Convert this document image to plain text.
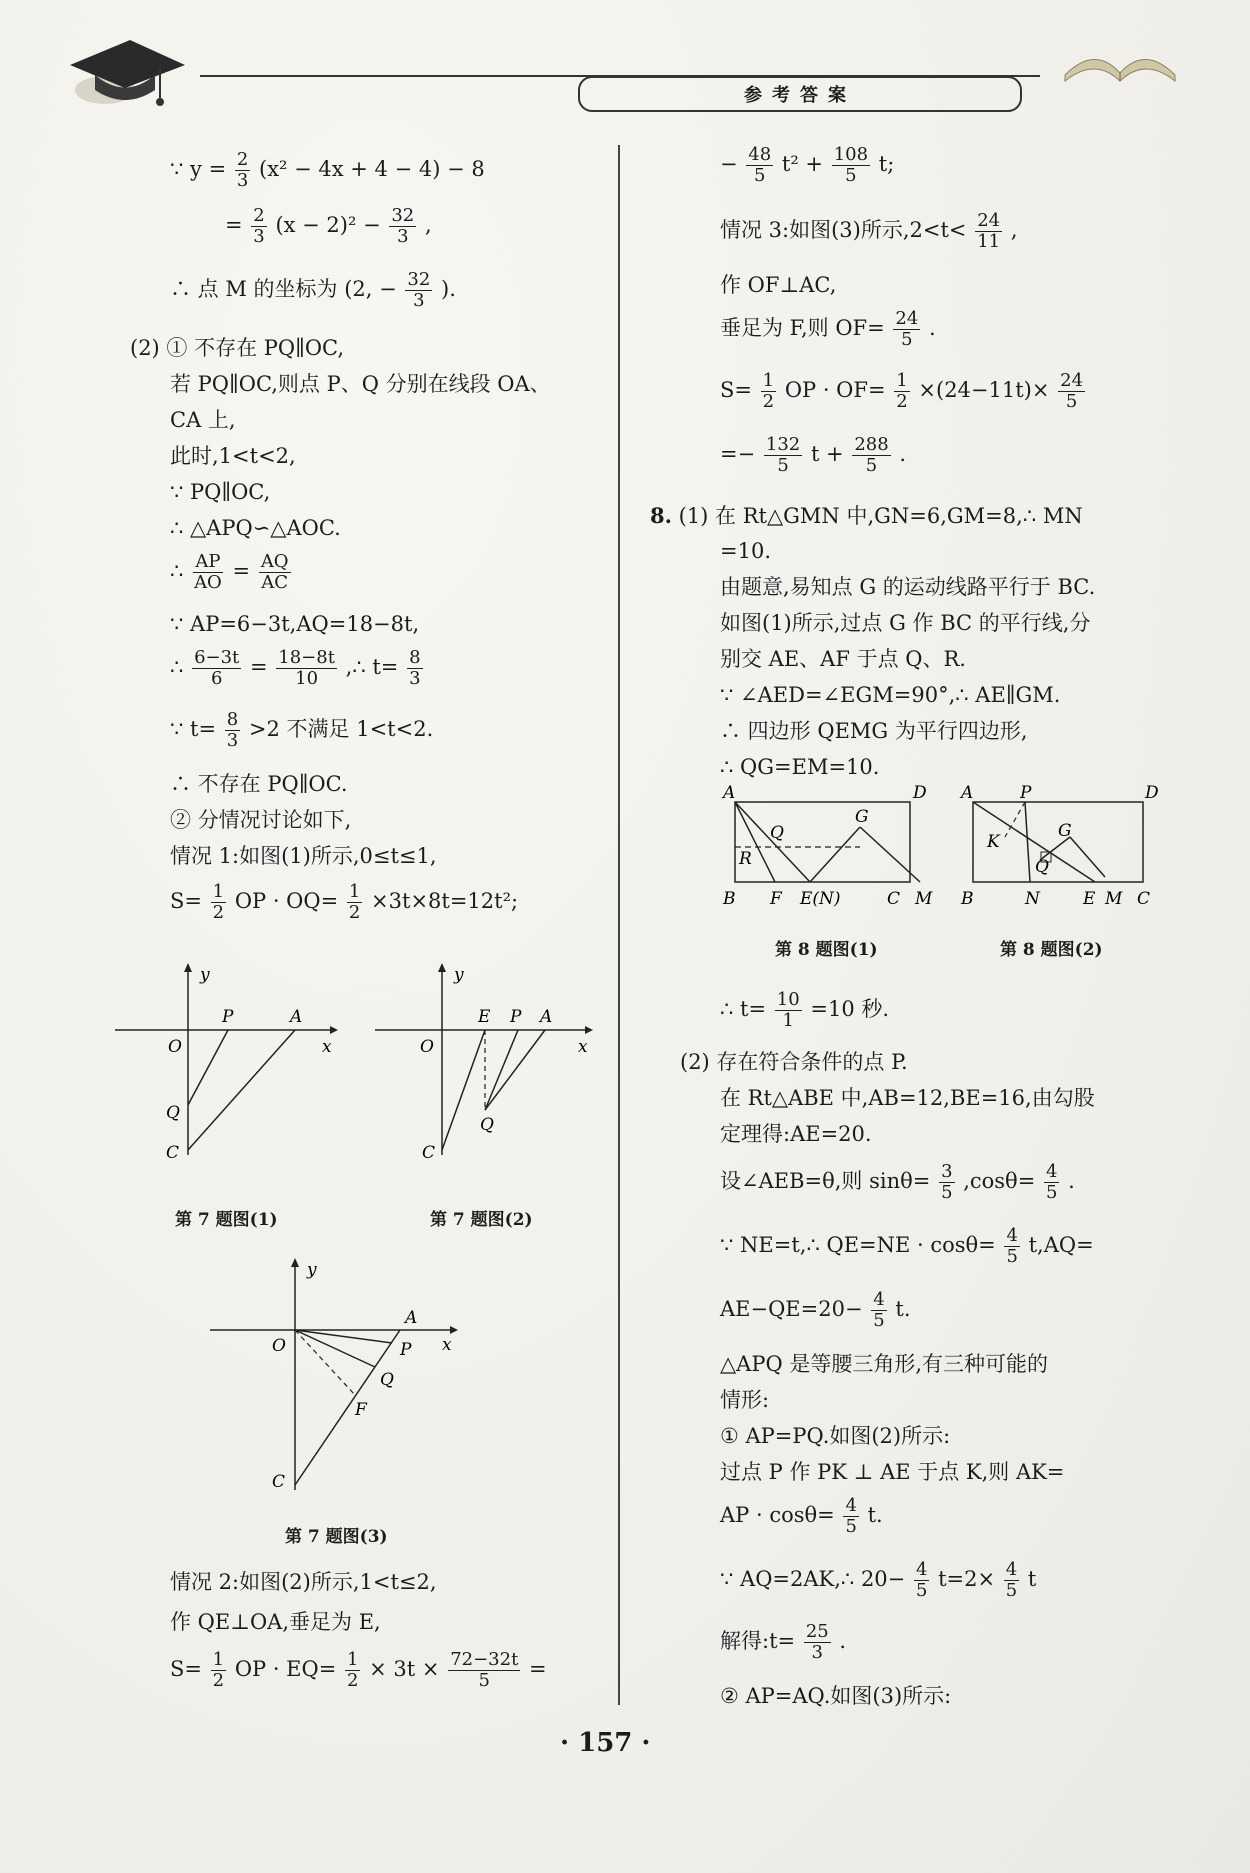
参考答案
∵ $y = \frac{2}{3} (x^2 - 4x + 4 - 4) - 8$
= $\frac{2}{3} (x - 2)^2 - \frac{32}{3}$ ,
∴ 点 M 的坐标为 (2, − $\frac{32}{3}$ ).
(2) ① 不存在 PQ∥OC,
若 PQ∥OC,则点 P、Q 分别在线段 OA、
CA 上,
此时,1<t<2,
∵ PQ∥OC,
∴ △APQ∽△AOC.
∴ $\frac{AP}{AO} = \frac{AQ}{AC}$
∵ AP=6−3t,AQ=18−8t,
∴ $\frac{6-3t}{6} = \frac{18-8t}{10}$ ,∴ $t= \frac{8}{3}$
∵ $t= \frac{8}{3} >2$ 不满足 1<t<2.
∴ 不存在 PQ∥OC.
② 分情况讨论如下,
情况 1:如图(1)所示,0≤t≤1,
$S= \frac{1}{2}$ OP · $OQ= \frac{1}{2} \times 3t\times 8t=12t^2$;
y
x
O
P	A
Q
C
第 7 题图(1)
y
x
O
E P A
Q
C
第 7 题图(2)
y
x
O
A
P
Q
F
C
第 7 题图(3)
情况 2:如图(2)所示,1<t≤2,
作 QE⊥OA,垂足为 E,
$S= \frac{1}{2}$ OP · $EQ= \frac{1}{2} \times 3t \times \frac{72-32t}{5}$ =
− $\frac{48}{5} t^2 + \frac{108}{5} t$;
情况 3:如图(3)所示$,2<t< \frac{24}{11}$ ,
作 OF⊥AC,
垂足为 F,则 $OF= \frac{24}{5}$ .
$S= \frac{1}{2}$ OP · $OF= \frac{1}{2} \times(24-11t)\times \frac{24}{5}$
=− $\frac{132}{5}$ $t + \frac{288}{5}$ .
8. (1) 在 Rt△GMN 中,GN=6,GM=8,∴ MN
=10.
由题意,易知点 G 的运动线路平行于 BC.
如图(1)所示,过点 G 作 BC 的平行线,分
别交 AE、AF 于点 Q、R.
∵ ∠AED=∠EGM=90°,∴ AE∥GM.
∴ 四边形 QEMG 为平行四边形,
∴ QG=EM=10.
A	D
Q
G
R
B F E(N)	C M
第 8 题图(1)
A	P	D
K
G
Q
B	N	E M C
第 8 题图(2)
∴ $t= \frac{10}{1} =10$ 秒.
(2) 存在符合条件的点 P.
在 Rt△ABE 中,AB=12,BE=16,由勾股
定理得:AE=20.
设∠AEB=θ,则 $\sin\theta= \frac{3}{5} ,\cos\theta= \frac{4}{5}$ .
∵ NE=t,∴ $QE=NE \cdot \cos\theta= \frac{4}{5} t,AQ=$
$AE-QE=20- \frac{4}{5} t$.
△APQ 是等腰三角形,有三种可能的
情形:
① AP=PQ.如图(2)所示:
过点 P 作 PK ⊥ AE 于点 K,则 AK=
AP · $\cos\theta= \frac{4}{5} t$.
∵ AQ=2AK,∴ $20- \frac{4}{5} t=2\times \frac{4}{5}$ t
解得:t= $\frac{25}{3}$ .
② AP=AQ.如图(3)所示:
· 157 ·
